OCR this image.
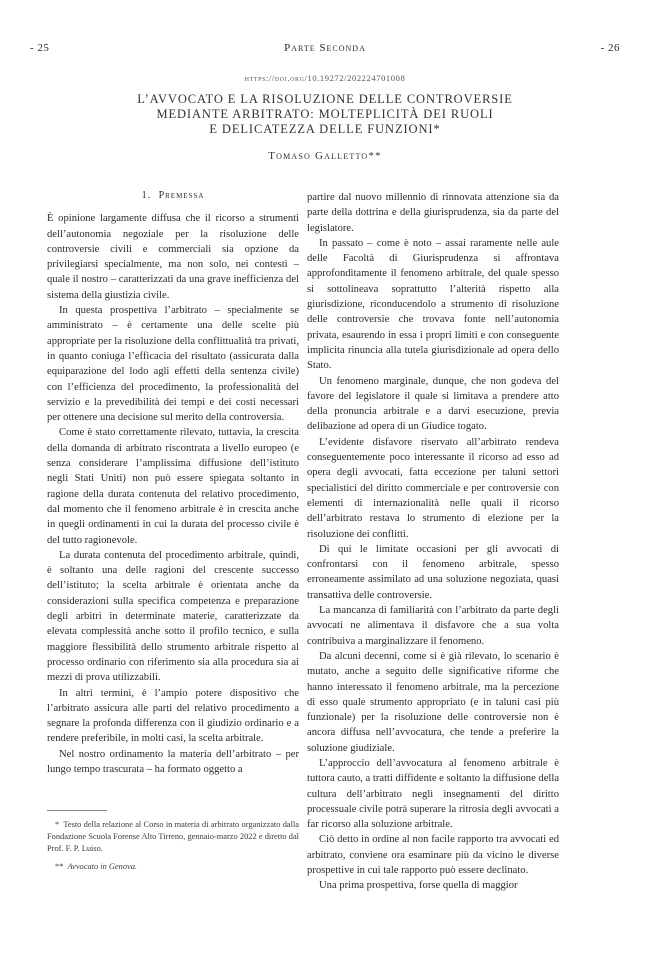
- 25	Parte Seconda	- 26
https://doi.org/10.19272/202224701008
L’AVVOCATO E LA RISOLUZIONE DELLE CONTROVERSIE
MEDIANTE ARBITRATO: MOLTEPLICITÀ DEI RUOLI
E DELICATEZZA DELLE FUNZIONI*
Tomaso Galletto**
1. Premessa

È opinione largamente diffusa che il ricorso a strumenti dell’autonomia negoziale per la risoluzione delle controversie civili e commerciali sia opzione da privilegiarsi specialmente, ma non solo, nei contesti – quale il nostro – caratterizzati da una grave inefficienza del sistema della giustizia civile.

In questa prospettiva l’arbitrato – specialmente se amministrato – è certamente una delle scelte più appropriate per la risoluzione della conflittualità tra privati, in quanto coniuga l’efficacia del risultato (assicurata dalla equiparazione del lodo agli effetti della sentenza civile) con l’efficienza del procedimento, la professionalità del servizio e la prevedibilità dei tempi e dei costi necessari per ottenere una decisione sul merito della controversia.

Come è stato correttamente rilevato, tuttavia, la crescita della domanda di arbitrato riscontrata a livello europeo (e senza considerare l’amplissima diffusione dell’istituto negli Stati Uniti) non può essere spiegata soltanto in ragione della durata contenuta del relativo procedimento, dal momento che il fenomeno arbitrale è in crescita anche in quegli ordinamenti in cui la durata del processo civile è del tutto ragionevole.

La durata contenuta del procedimento arbitrale, quindi, è soltanto una delle ragioni del crescente successo dell’istituto; la scelta arbitrale è orientata anche da considerazioni sulla specifica competenza e preparazione degli arbitri in determinate materie, caratterizzate da elevata complessità anche sotto il profilo tecnico, e sulla maggiore flessibilità dello strumento arbitrale rispetto al processo ordinario con riferimento sia alla procedura sia ai mezzi di prova utilizzabili.

In altri termini, è l’ampio potere dispositivo che l’arbitrato assicura alle parti del relativo procedimento a segnare la profonda differenza con il giudizio ordinario e a rendere preferibile, in molti casi, la scelta arbitrale.

Nel nostro ordinamento la materia dell’arbitrato – per lungo tempo trascurata – ha formato oggetto a

partire dal nuovo millennio di rinnovata attenzione sia da parte della dottrina e della giurisprudenza, sia da parte del legislatore.

In passato – come è noto – assai raramente nelle aule delle Facoltà di Giurisprudenza si affrontava approfonditamente il fenomeno arbitrale, del quale spesso si sottolineava soprattutto l’alterità rispetto alla giurisdizione, riconducendolo a strumento di risoluzione delle controversie che trovava fonte nell’autonomia privata, esaurendo in essa i propri limiti e con conseguente implicita rinuncia alla tutela giurisdizionale ad opera dello Stato.

Un fenomeno marginale, dunque, che non godeva del favore del legislatore il quale si limitava a prendere atto della pronuncia arbitrale e a darvi esecuzione, previa delibazione ad opera di un Giudice togato.

L’evidente disfavore riservato all’arbitrato rendeva conseguentemente poco interessante il ricorso ad esso ad opera degli avvocati, fatta eccezione per taluni settori specialistici del diritto commerciale e per controversie con elementi di internazionalità nelle quali il ricorso dell’arbitrato restava lo strumento di elezione per la risoluzione dei conflitti.

Di qui le limitate occasioni per gli avvocati di confrontarsi con il fenomeno arbitrale, spesso erroneamente assimilato ad una soluzione negoziata, quasi transattiva delle controversie.

La mancanza di familiarità con l’arbitrato da parte degli avvocati ne alimentava il disfavore che a sua volta contribuiva a marginalizzare il fenomeno.

Da alcuni decenni, come si è già rilevato, lo scenario è mutato, anche a seguito delle significative riforme che hanno interessato il fenomeno arbitrale, ma la percezione di esso quale strumento appropriato (e in taluni casi più funzionale) per la risoluzione delle controversie non è ancora diffusa nell’avvocatura, che tende a preferire la soluzione giudiziale.

L’approccio dell’avvocatura al fenomeno arbitrale è tuttora cauto, a tratti diffidente e soltanto la diffusione della cultura dell’arbitrato negli insegnamenti del diritto processuale civile potrà superare la ritrosia degli avvocati a far ricorso alla soluzione arbitrale.

Ciò detto in ordine al non facile rapporto tra avvocati ed arbitrato, conviene ora esaminare più da vicino le diverse prospettive in cui tale rapporto può essere declinato.

Una prima prospettiva, forse quella di maggior

* Testo della relazione al Corso in materia di arbitrato organizzato dalla Fondazione Scuola Forense Alto Tirreno, gennaio-marzo 2022 e diretto dal Prof. F. P. Luiso.
** Avvocato in Genova.
